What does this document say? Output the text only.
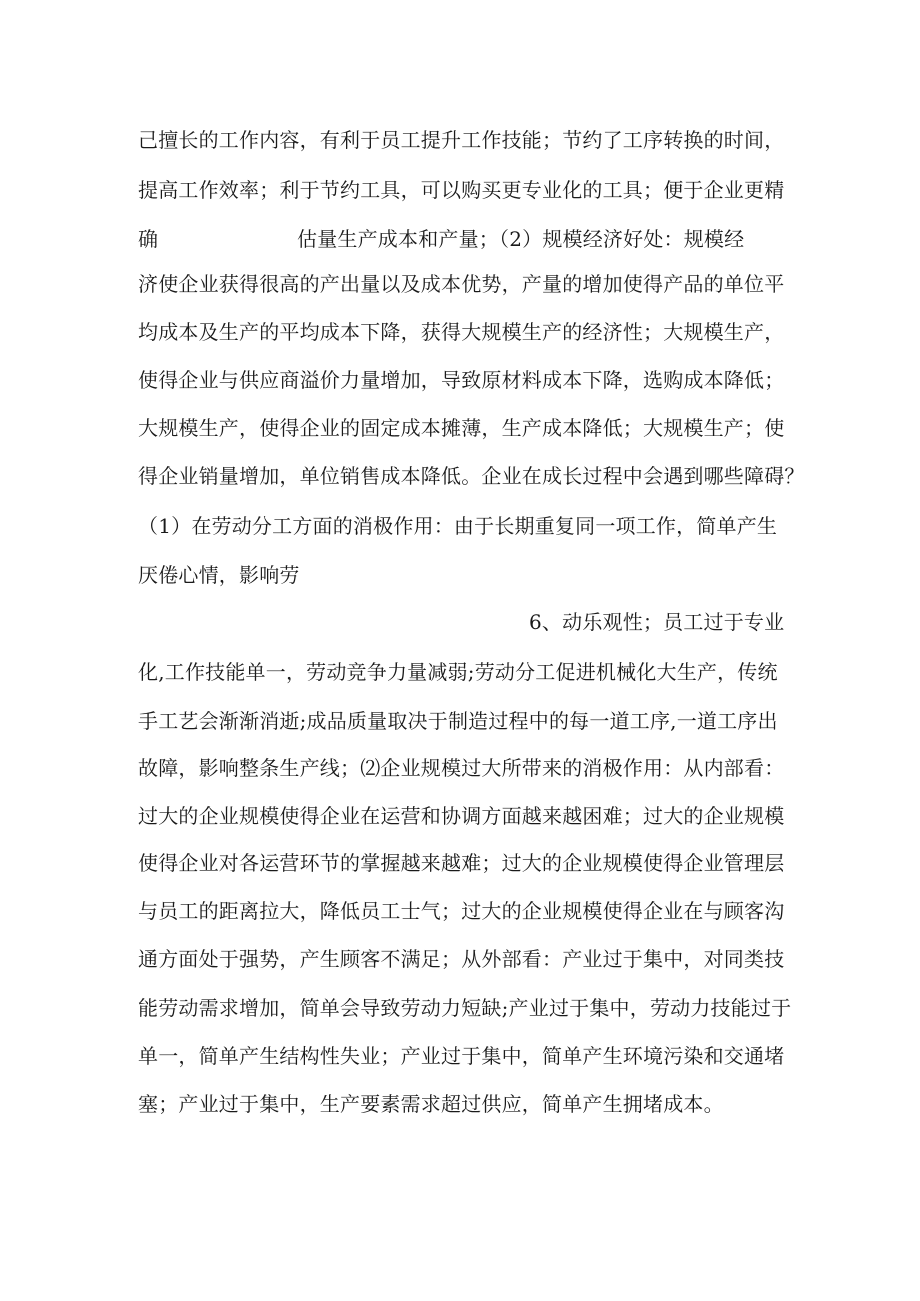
己擅长的工作内容，有利于员工提升工作技能；节约了工序转换的时间，
提高工作效率；利于节约工具，可以购买更专业化的工具；便于企业更精
确	估量生产成本和产量；（2）规模经济好处：规模经
济使企业获得很高的产出量以及成本优势，产量的增加使得产品的单位平
均成本及生产的平均成本下降，获得大规模生产的经济性；大规模生产，
使得企业与供应商溢价力量增加，导致原材料成本下降，选购成本降低；
大规模生产，使得企业的固定成本摊薄，生产成本降低；大规模生产；使
得企业销量增加，单位销售成本降低。企业在成长过程中会遇到哪些障碍？
（1）在劳动分工方面的消极作用：由于长期重复同一项工作，简单产生
厌倦心情，影响劳
6、动乐观性；员工过于专业
化,工作技能单一，劳动竞争力量减弱;劳动分工促进机械化大生产，传统
手工艺会渐渐消逝;成品质量取决于制造过程中的每一道工序,一道工序出
故障，影响整条生产线；⑵企业规模过大所带来的消极作用：从内部看：
过大的企业规模使得企业在运营和协调方面越来越困难；过大的企业规模
使得企业对各运营环节的掌握越来越难；过大的企业规模使得企业管理层
与员工的距离拉大，降低员工士气；过大的企业规模使得企业在与顾客沟
通方面处于强势，产生顾客不满足；从外部看：产业过于集中，对同类技
能劳动需求增加，简单会导致劳动力短缺;产业过于集中，劳动力技能过于
单一，简单产生结构性失业；产业过于集中，简单产生环境污染和交通堵
塞；产业过于集中，生产要素需求超过供应，简单产生拥堵成本。
